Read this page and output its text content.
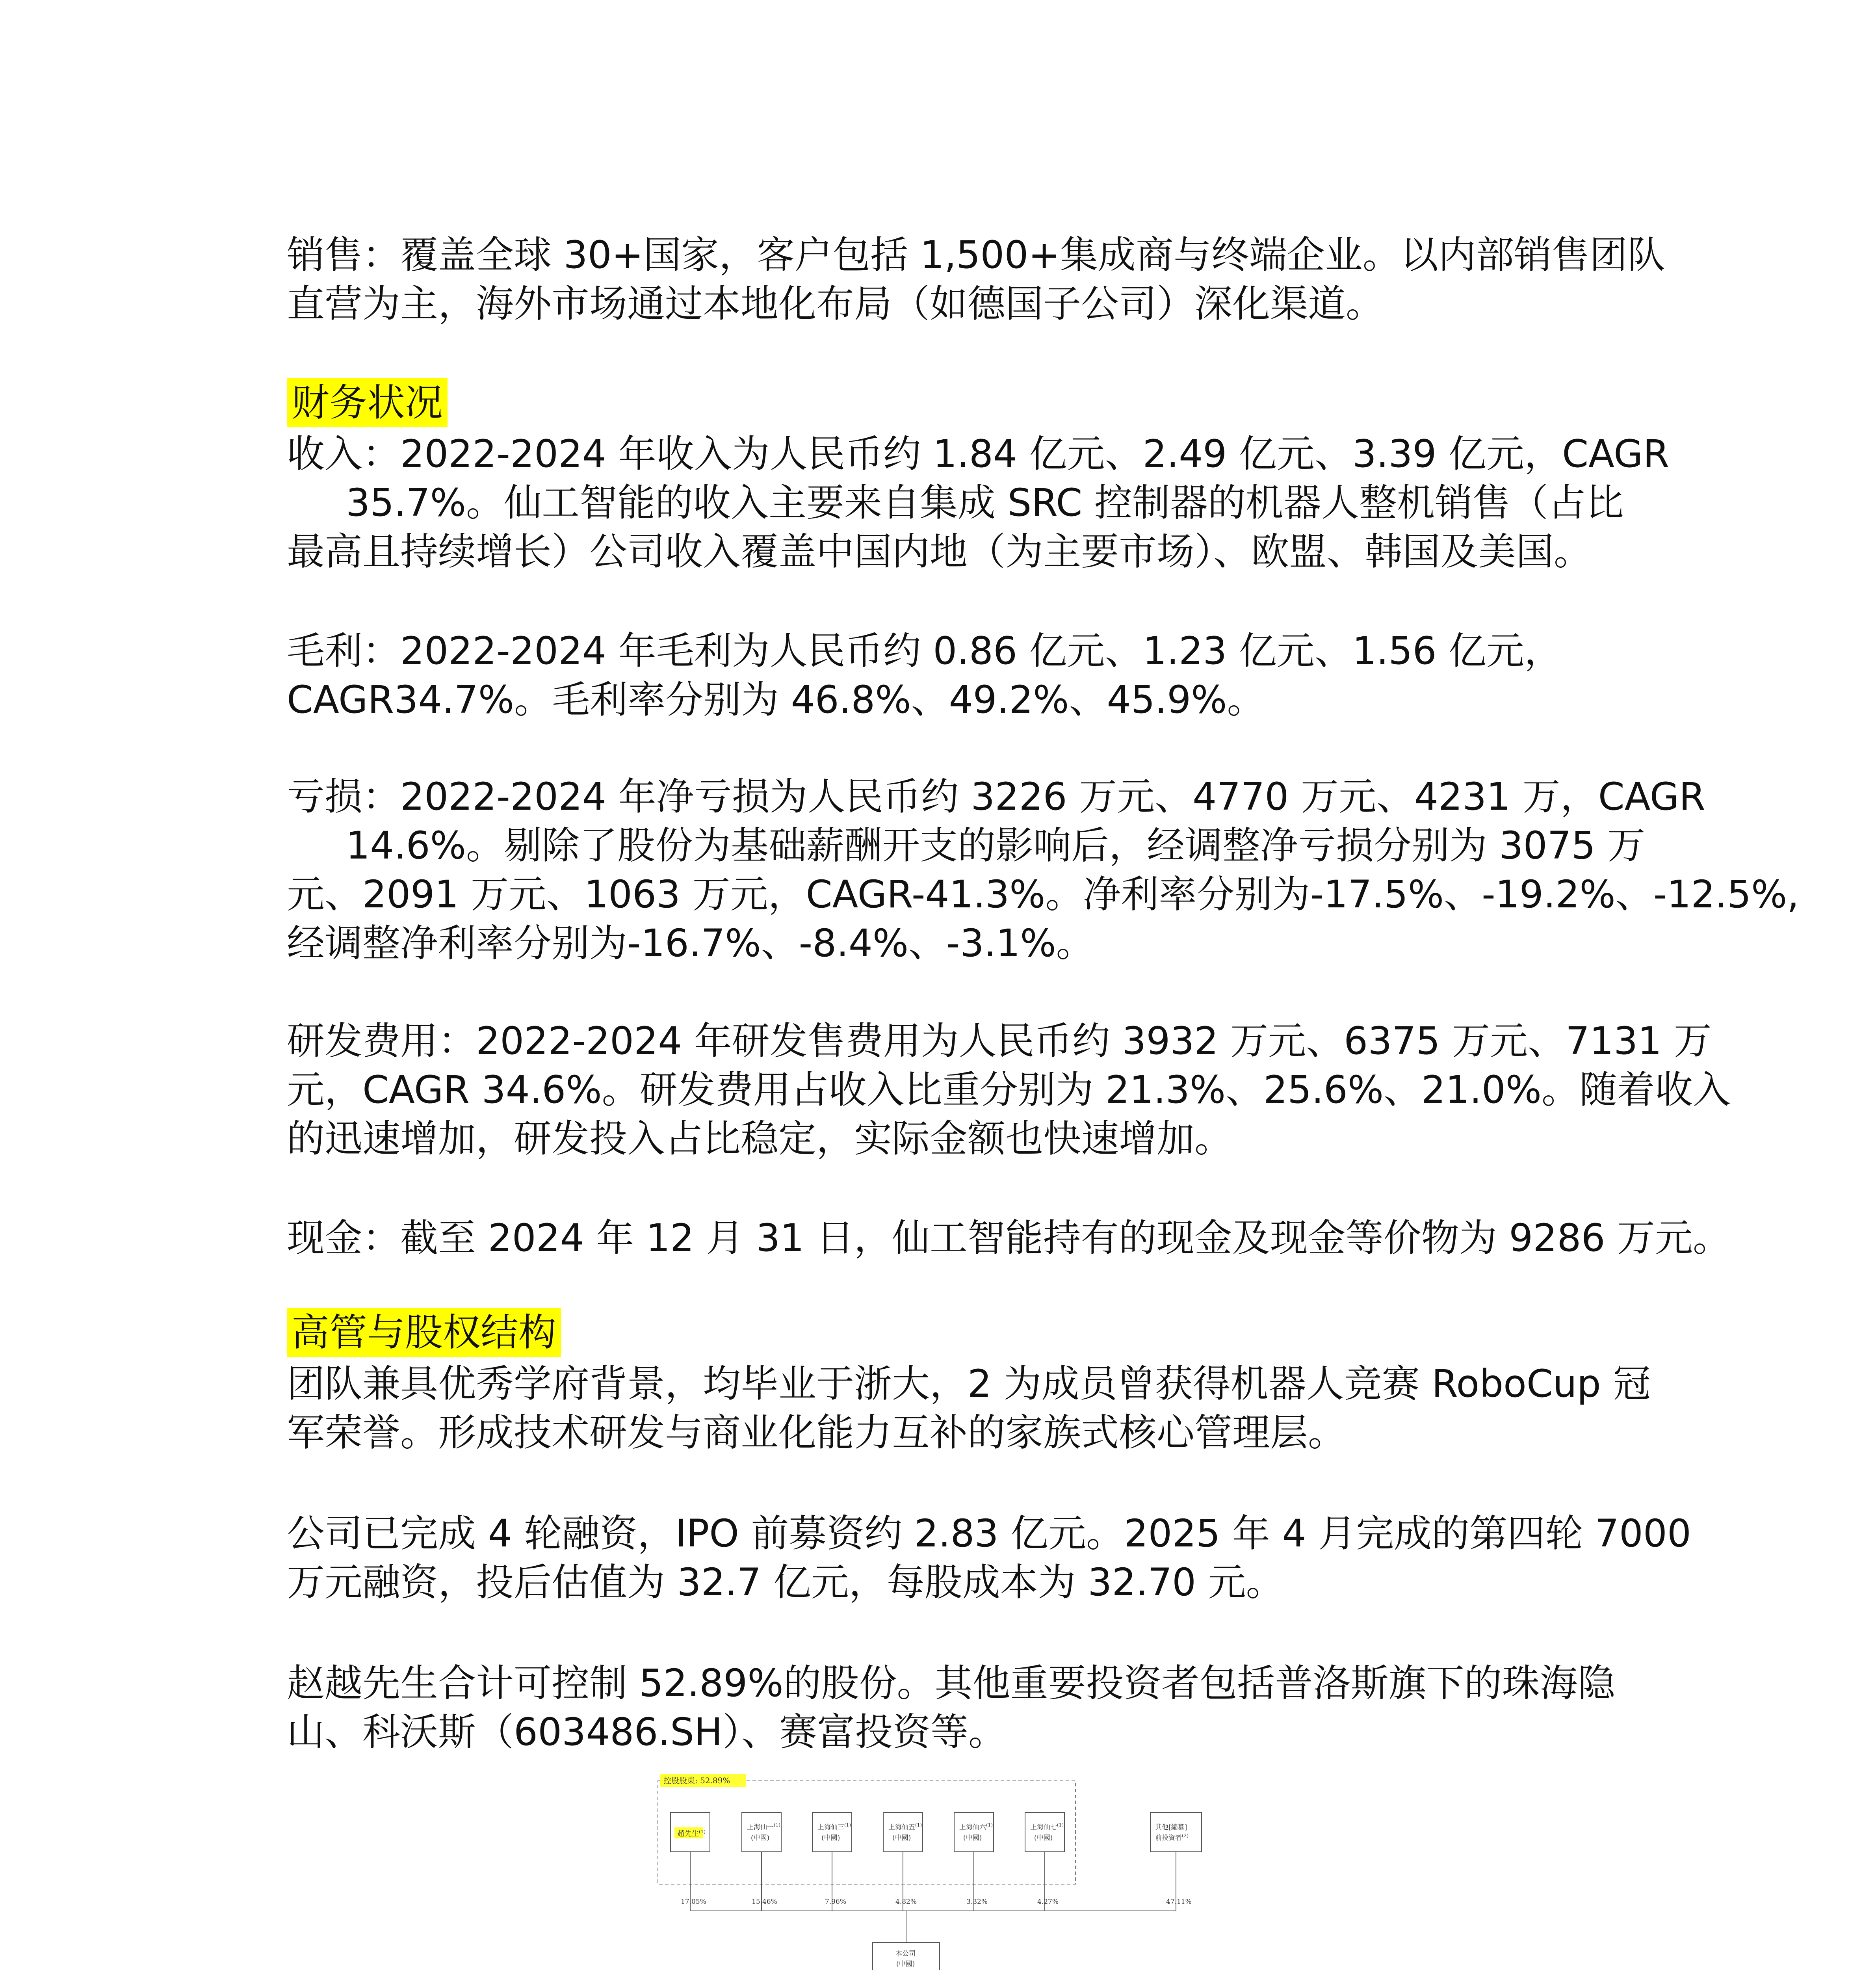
销售：覆盖全球 30+国家，客户包括 1,500+集成商与终端企业。以内部销售团队

直营为主，海外市场通过本地化布局（如德国子公司）深化渠道。

财务状况

收入：2022-2024 年收入为人民币约 1.84 亿元、2.49 亿元、3.39 亿元，CAGR

35.7%。仙工智能的收入主要来自集成 SRC 控制器的机器人整机销售（占比

最高且持续增长）公司收入覆盖中国内地（为主要市场）、欧盟、韩国及美国。

毛利：2022-2024 年毛利为人民币约 0.86 亿元、1.23 亿元、1.56 亿元，

CAGR34.7%。毛利率分别为 46.8%、49.2%、45.9%。

亏损：2022-2024 年净亏损为人民币约 3226 万元、4770 万元、4231 万，CAGR

14.6%。剔除了股份为基础薪酬开支的影响后，经调整净亏损分别为 3075 万

元、2091 万元、1063 万元，CAGR-41.3%。净利率分别为-17.5%、-19.2%、-12.5%,

经调整净利率分别为-16.7%、-8.4%、-3.1%。

研发费用：2022-2024 年研发售费用为人民币约 3932 万元、6375 万元、7131 万

元，CAGR 34.6%。研发费用占收入比重分别为 21.3%、25.6%、21.0%。随着收入

的迅速增加，研发投入占比稳定，实际金额也快速增加。

现金：截至 2024 年 12 月 31 日，仙工智能持有的现金及现金等价物为 9286 万元。

高管与股权结构

团队兼具优秀学府背景，均毕业于浙大，2 为成员曾获得机器人竞赛 RoboCup 冠

军荣誉。形成技术研发与商业化能力互补的家族式核心管理层。

公司已完成 4 轮融资，IPO 前募资约 2.83 亿元。2025 年 4 月完成的第四轮 7000

万元融资，投后估值为 32.7 亿元，每股成本为 32.70 元。

赵越先生合计可控制 52.89%的股份。其他重要投资者包括普洛斯旗下的珠海隐

山、科沃斯（603486.SH）、赛富投资等。

控股股東: 52.89%
趙先生$^{(1)}$
上海仙一$^{(1)}$
(中國)
上海仙三$^{(1)}$
(中國)
上海仙五$^{(1)}$
(中國)
上海仙六$^{(1)}$
(中國)
上海仙七$^{(1)}$
(中國)
其他[編纂]
前投資者$^{(2)}$
17.05%	15.46%	7.96%	4.82%	3.32%	4.27%	47.11%
本公司
(中國)
